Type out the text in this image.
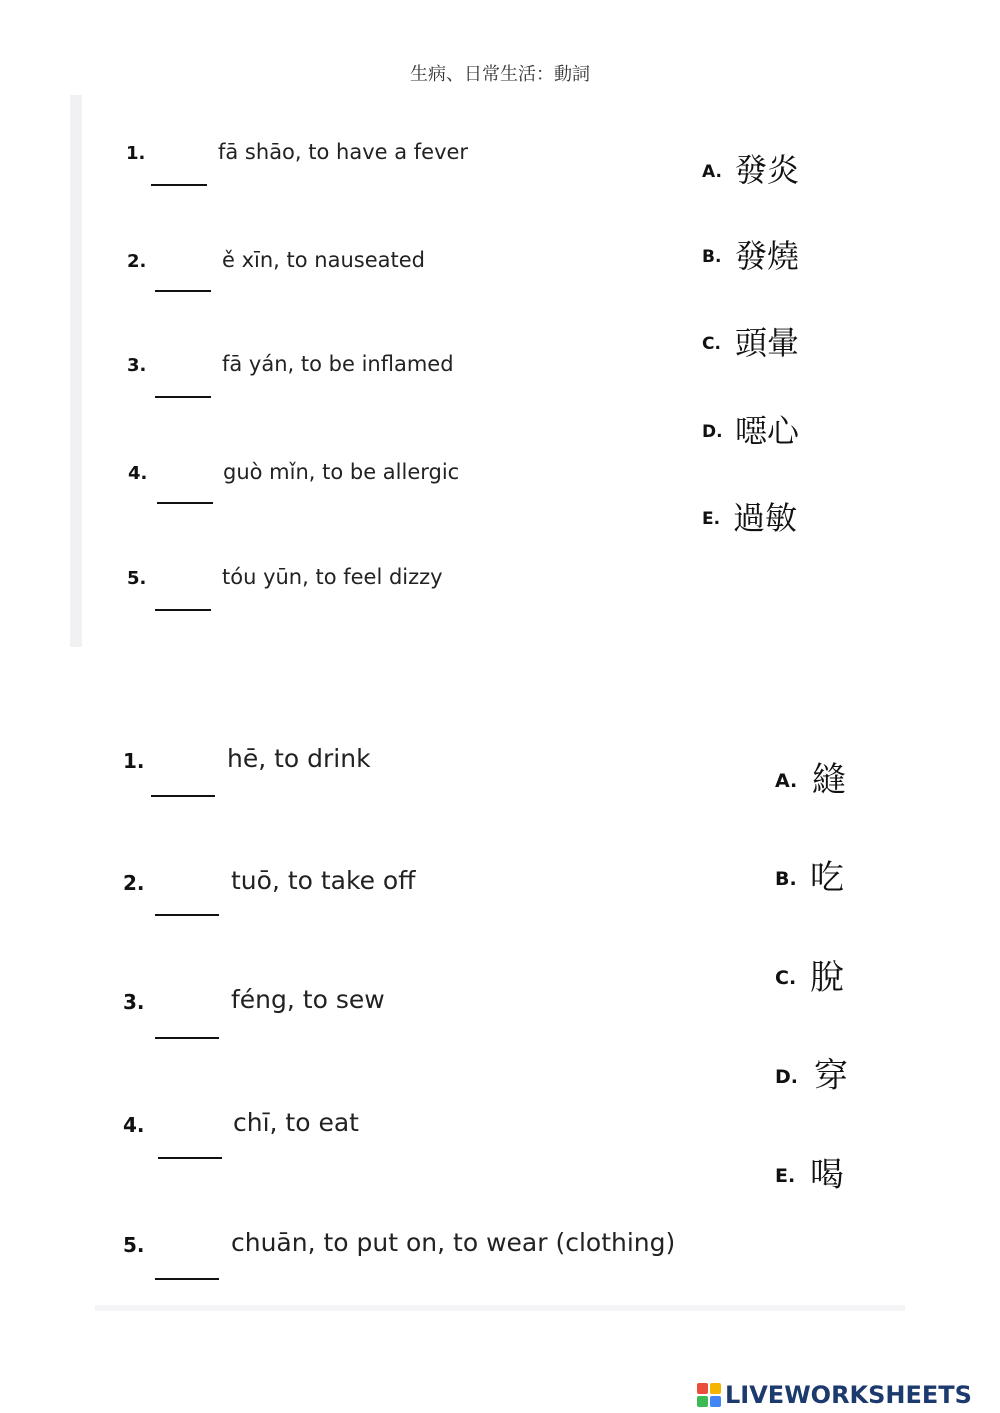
生病、日常生活：動詞
1.	fā shāo, to have a fever
2.	ě xīn, to nauseated
3.	fā yán, to be inflamed
4.	guò mǐn, to be allergic
5.	tóu yūn, to feel dizzy
A. 發炎
B. 發燒
C. 頭暈
D. 噁心
E. 過敏
1.	hē, to drink
2.	tuō, to take off
3.	féng, to sew
4.	chī, to eat
5.	chuān, to put on, to wear (clothing)
A. 縫
B. 吃
C. 脫
D. 穿
E. 喝
LIVEWORKSHEETS
